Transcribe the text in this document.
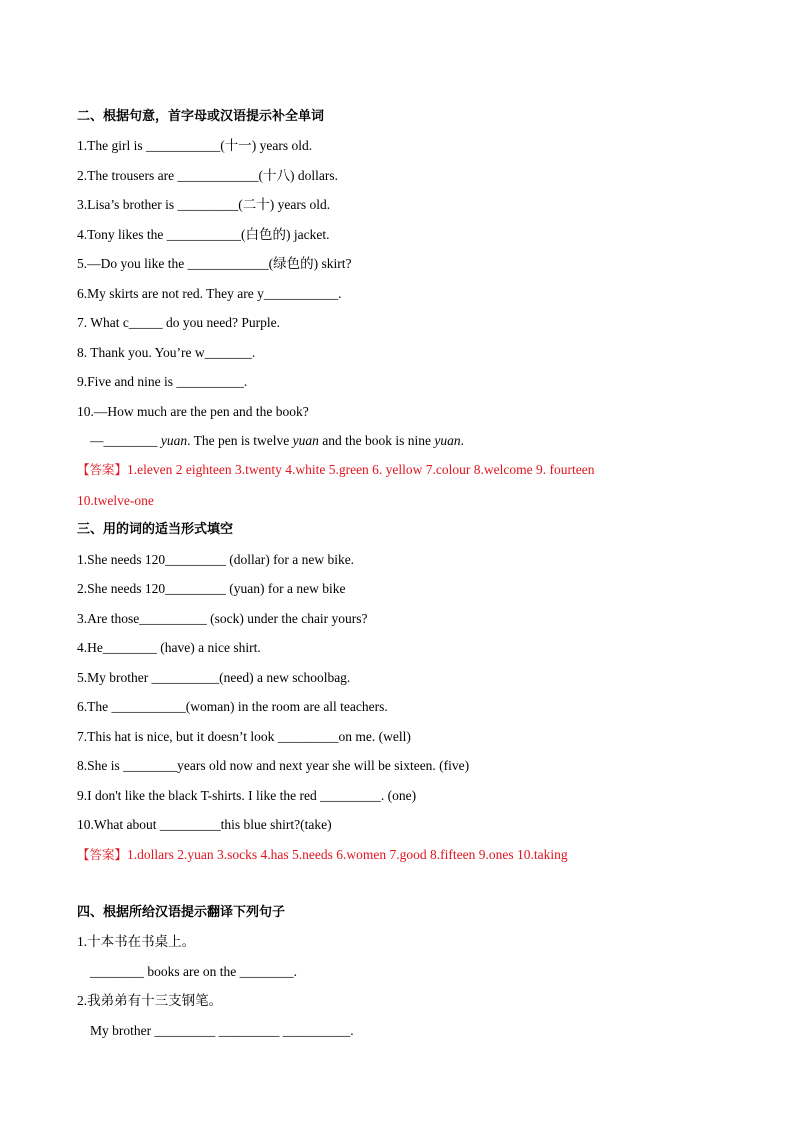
二、根据句意，首字母或汉语提示补全单词
1.The girl is ___________(十一) years old.
2.The trousers are ____________(十八) dollars.
3.Lisa’s brother is _________(二十) years old.
4.Tony likes the ___________(白色的) jacket.
5.—Do you like the ____________(绿色的) skirt?
6.My skirts are not red. They are y___________.
7. What c_____ do you need? Purple.
8. Thank you. You’re w_______.
9.Five and nine is __________.
10.—How much are the pen and the book?
—________ yuan. The pen is twelve yuan and the book is nine yuan.
【答案】1.eleven 2 eighteen 3.twenty 4.white 5.green 6. yellow 7.colour 8.welcome 9. fourteen
10.twelve-one
三、用的词的适当形式填空
1.She needs 120_________ (dollar) for a new bike.
2.She needs 120_________ (yuan) for a new bike
3.Are those__________ (sock) under the chair yours?
4.He________ (have) a nice shirt.
5.My brother __________(need) a new schoolbag.
6.The ___________(woman) in the room are all teachers.
7.This hat is nice, but it doesn’t look _________on me. (well)
8.She is ________years old now and next year she will be sixteen. (five)
9.I don't like the black T-shirts. I like the red _________. (one)
10.What about _________this blue shirt?(take)
【答案】1.dollars 2.yuan 3.socks 4.has 5.needs 6.women 7.good 8.fifteen 9.ones 10.taking
四、根据所给汉语提示翻译下列句子
1.十本书在书桌上。
________ books are on the ________.
2.我弟弟有十三支钢笔。
My brother _________ _________ __________.
